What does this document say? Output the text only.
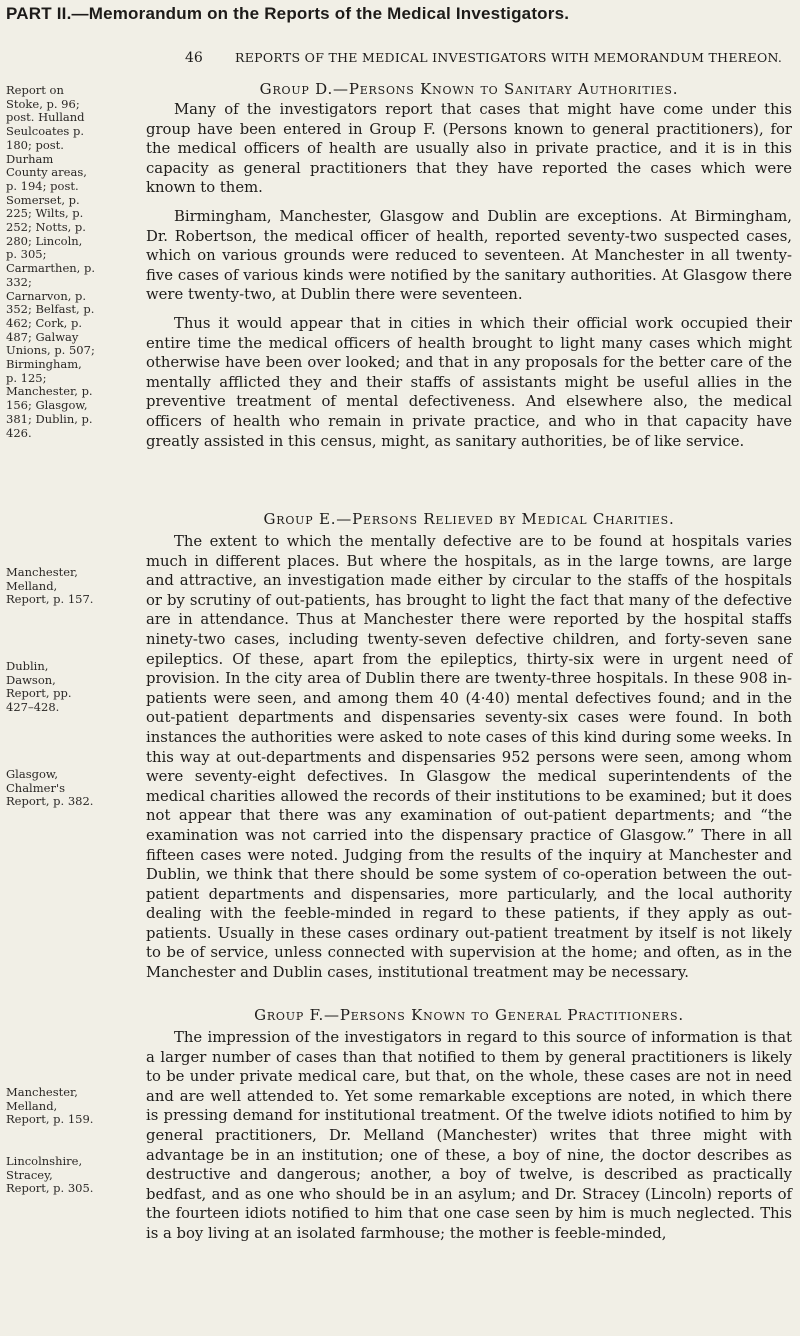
PART II.—Memorandum on the Reports of the Medical Investigators.
46	REPORTS OF THE MEDICAL INVESTIGATORS WITH MEMORANDUM THEREON.
Report on Stoke, p. 96; post. Hulland Seulcoates p. 180; post. Durham County areas, p. 194; post. Somerset, p. 225; Wilts, p. 252; Notts, p. 280; Lincoln, p. 305; Carmarthen, p. 332; Carnarvon, p. 352; Belfast, p. 462; Cork, p. 487; Galway Unions, p. 507; Birmingham, p. 125; Manchester, p. 156; Glasgow, 381; Dublin, p. 426.
Manchester, Melland, Report, p. 157.
Dublin, Dawson, Report, pp. 427–428.
Glasgow, Chalmer's Report, p. 382.
Manchester, Melland, Report, p. 159.
Lincolnshire, Stracey, Report, p. 305.
Group D.—Persons Known to Sanitary Authorities.

Many of the investigators report that cases that might have come under this group have been entered in Group F. (Persons known to general practitioners), for the medical officers of health are usually also in private practice, and it is in this capacity as general practitioners that they have reported the cases which were known to them.

Birmingham, Manchester, Glasgow and Dublin are exceptions. At Birmingham, Dr. Robertson, the medical officer of health, reported seventy-two suspected cases, which on various grounds were reduced to seventeen. At Manchester in all twenty-five cases of various kinds were notified by the sanitary authorities. At Glasgow there were twenty-two, at Dublin there were seventeen.

Thus it would appear that in cities in which their official work occupied their entire time the medical officers of health brought to light many cases which might otherwise have been over looked; and that in any proposals for the better care of the mentally afflicted they and their staffs of assistants might be useful allies in the preventive treatment of mental defectiveness. And elsewhere also, the medical officers of health who remain in private practice, and who in that capacity have greatly assisted in this census, might, as sanitary authorities, be of like service.

Group E.—Persons Relieved by Medical Charities.

The extent to which the mentally defective are to be found at hospitals varies much in different places. But where the hospitals, as in the large towns, are large and attractive, an investigation made either by circular to the staffs of the hospitals or by scrutiny of out-patients, has brought to light the fact that many of the defective are in attendance. Thus at Manchester there were reported by the hospital staffs ninety-two cases, including twenty-seven defective children, and forty-seven sane epileptics. Of these, apart from the epileptics, thirty-six were in urgent need of provision. In the city area of Dublin there are twenty-three hospitals. In these 908 in-patients were seen, and among them 40 (4·40) mental defectives found; and in the out-patient departments and dispensaries seventy-six cases were found. In both instances the authorities were asked to note cases of this kind during some weeks. In this way at out-departments and dispensaries 952 persons were seen, among whom were seventy-eight defectives. In Glasgow the medical superintendents of the medical charities allowed the records of their institutions to be examined; but it does not appear that there was any examination of out-patient departments; and “the examination was not carried into the dispensary practice of Glasgow.” There in all fifteen cases were noted. Judging from the results of the inquiry at Manchester and Dublin, we think that there should be some system of co-operation between the out-patient departments and dispensaries, more particularly, and the local authority dealing with the feeble-minded in regard to these patients, if they apply as out-patients. Usually in these cases ordinary out-patient treatment by itself is not likely to be of service, unless connected with supervision at the home; and often, as in the Manchester and Dublin cases, institutional treatment may be necessary.

Group F.—Persons Known to General Practitioners.

The impression of the investigators in regard to this source of information is that a larger number of cases than that notified to them by general practitioners is likely to be under private medical care, but that, on the whole, these cases are not in need and are well attended to. Yet some remarkable exceptions are noted, in which there is pressing demand for institutional treatment. Of the twelve idiots notified to him by general practitioners, Dr. Melland (Manchester) writes that three might with advantage be in an institution; one of these, a boy of nine, the doctor describes as destructive and dangerous; another, a boy of twelve, is described as practically bedfast, and as one who should be in an asylum; and Dr. Stracey (Lincoln) reports of the fourteen idiots notified to him that one case seen by him is much neglected. This is a boy living at an isolated farmhouse; the mother is feeble-minded,
